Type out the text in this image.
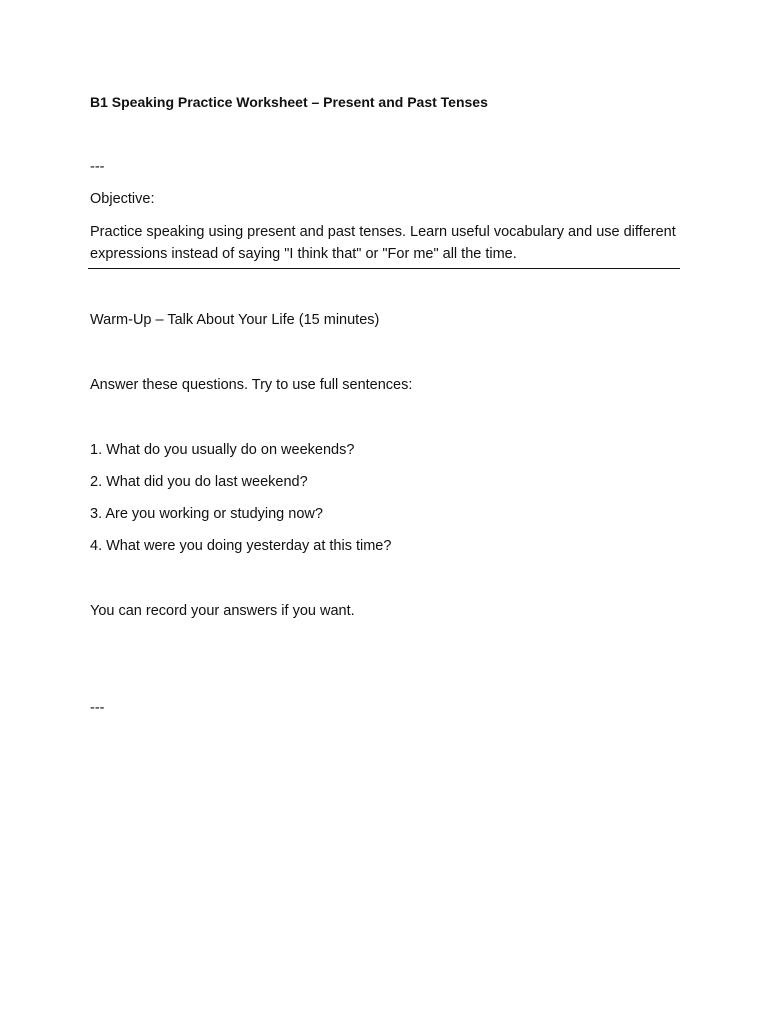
B1 Speaking Practice Worksheet – Present and Past Tenses
---
Objective:
Practice speaking using present and past tenses. Learn useful vocabulary and use different
expressions instead of saying "I think that" or "For me" all the time.
Warm-Up – Talk About Your Life (15 minutes)
Answer these questions. Try to use full sentences:
1. What do you usually do on weekends?
2. What did you do last weekend?
3. Are you working or studying now?
4. What were you doing yesterday at this time?
You can record your answers if you want.
---
